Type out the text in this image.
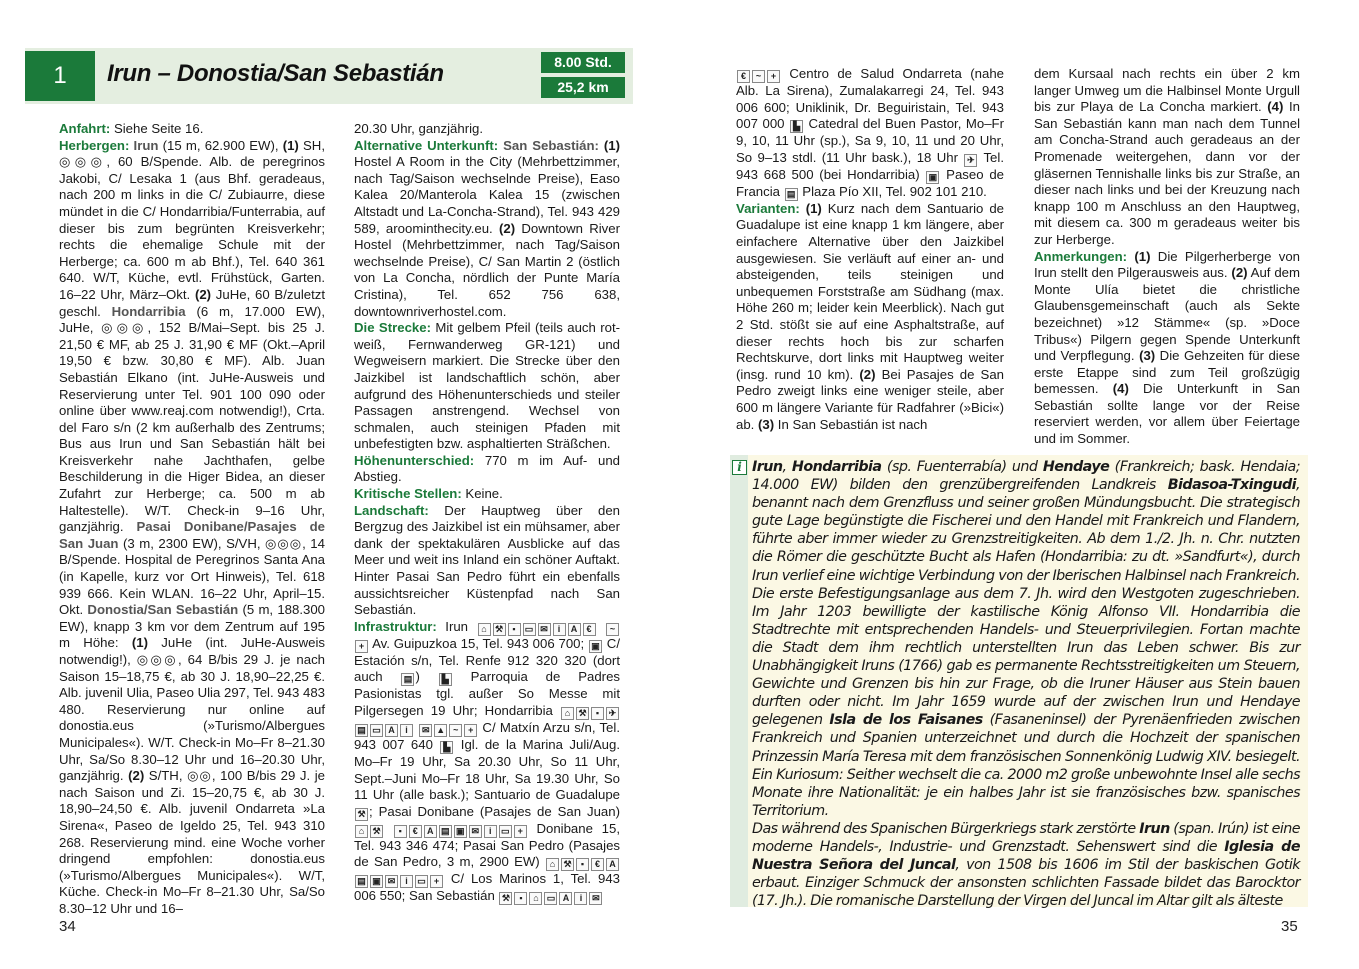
1	Irun – Donostia/San Sebastián	8.00 Std.
25,2 km

Anfahrt: Siehe Seite 16.

Herbergen: Irun (15 m, 62.900 EW), (1) SH, ◎◎◎, 60 B/Spende. Alb. de peregrinos Jakobi, C/ Lesaka 1 (aus Bhf. geradeaus, nach 200 m links in die C/ Zubiaurre, diese mündet in die C/ Hondarribia/Funterrabia, auf dieser bis zum begrünten Kreisverkehr; rechts die ehemalige Schule mit der Herberge; ca. 600 m ab Bhf.), Tel. 640 361 640. W/T, Küche, evtl. Frühstück, Garten. 16–22 Uhr, März–Okt. (2) JuHe, 60 B/zuletzt geschl. Hondarribia (6 m, 17.000 EW), JuHe, ◎◎◎, 152 B/Mai–Sept. bis 25 J. 21,50 € MF, ab 25 J. 31,90 € MF (Okt.–April 19,50 € bzw. 30,80 € MF). Alb. Juan Sebastián Elkano (int. JuHe-Ausweis und Reservierung unter Tel. 901 100 090 oder online über www.reaj.com notwendig!), Crta. del Faro s/n (2 km außerhalb des Zentrums; Bus aus Irun und San Sebastián hält bei Kreisverkehr nahe Jachthafen, gelbe Beschilderung in die Higer Bidea, an dieser Zufahrt zur Herberge; ca. 500 m ab Haltestelle). W/T. Check-in 9–16 Uhr, ganzjährig. Pasai Donibane/Pasajes de San Juan (3 m, 2300 EW), S/VH, ◎◎◎, 14 B/Spende. Hospital de Peregrinos Santa Ana (in Kapelle, kurz vor Ort Hinweis), Tel. 618 939 666. Kein WLAN. 16–22 Uhr, April–15. Okt. Donostia/San Sebastián (5 m, 188.300 EW), knapp 3 km vor dem Zentrum auf 195 m Höhe: (1) JuHe (int. JuHe-Ausweis notwendig!), ◎◎◎, 64 B/bis 29 J. je nach Saison 15–18,75 €, ab 30 J. 18,90–22,25 €. Alb. juvenil Ulia, Paseo Ulia 297, Tel. 943 483 480. Reservierung nur online auf donostia.eus (»Turismo/Albergues Municipales«). W/T. Check-in Mo–Fr 8–21.30 Uhr, Sa/So 8.30–12 Uhr und 16–20.30 Uhr, ganzjährig. (2) S/TH, ◎◎, 100 B/bis 29 J. je nach Saison und Zi. 15–20,75 €, ab 30 J. 18,90–24,50 €. Alb. juvenil Ondarreta »La Sirena«, Paseo de Igeldo 25, Tel. 943 310 268. Reservierung mind. eine Woche vorher dringend empfohlen: donostia.eus (»Turismo/Albergues Municipales«). W/T, Küche. Check-in Mo–Fr 8–21.30 Uhr, Sa/So 8.30–12 Uhr und 16–

20.30 Uhr, ganzjährig.

Alternative Unterkunft: San Sebastián: (1) Hostel A Room in the City (Mehrbettzimmer, nach Tag/Saison wechselnde Preise), Easo Kalea 20/Manterola Kalea 15 (zwischen Altstadt und La-Concha-Strand), Tel. 943 429 589, aroominthecity.eu. (2) Downtown River Hostel (Mehrbettzimmer, nach Tag/Saison wechselnde Preise), C/ San Martin 2 (östlich von La Concha, nördlich der Punte María Cristina), Tel. 652 756 638, downtownriverhostel.com.

Die Strecke: Mit gelbem Pfeil (teils auch rot-weiß, Fernwanderweg GR-121) und Wegweisern markiert. Die Strecke über den Jaizkibel ist landschaftlich schön, aber aufgrund des Höhenunterschieds und steiler Passagen anstrengend. Wechsel von schmalen, auch steinigen Pfaden mit unbefestigten bzw. asphaltierten Sträßchen.

Höhenunterschied: 770 m im Auf- und Abstieg.

Kritische Stellen: Keine.

Landschaft: Der Hauptweg über den Bergzug des Jaizkibel ist ein mühsamer, aber dank der spektakulären Ausblicke auf das Meer und weit ins Inland ein schöner Auftakt. Hinter Pasai San Pedro führt ein ebenfalls aussichtsreicher Küstenpfad nach San Sebastián.

Infrastruktur: Irun ⌂ ⚒ ▪ ▭ ✉ i A € ~+ Av. Guipuzkoa 15, Tel. 943 006 700; ▣ C/ Estación s/n, Tel. Renfe 912 320 320 (dort auch ▤ ) ▙ Parroquia de Padres Pasionistas tgl. außer So Messe mit Pilgersegen 19 Uhr; Hondarribia ⌂ ⚒ ▪ ✈▤ ▭ A i ✉ ▲ ~ + C/ Matxín Arzu s/n, Tel. 943 007 640 ▙ Igl. de la Marina Juli/Aug. Mo–Fr 19 Uhr, Sa 20.30 Uhr, So 11 Uhr, Sept.–Juni Mo–Fr 18 Uhr, Sa 19.30 Uhr, So 11 Uhr (alle bask.); Santuario de Guadalupe ⚒ ; Pasai Donibane (Pasajes de San Juan) ⌂ ⚒ ▪ € A ▤ ▣ ✉ i ▭ + Donibane 15, Tel. 943 346 474; Pasai San Pedro (Pasajes de San Pedro, 3 m, 2900 EW) ⌂ ⚒ ▪ € A ▤ ▣ ✉ i ▭ + C/ Los Marinos 1, Tel. 943 006 550; San Sebastián ⚒ ▪ ⌂ ▭ A i ✉

34

€ ~ + Centro de Salud Ondarreta (nahe Alb. La Sirena), Zumalakarregi 24, Tel. 943 006 600; Uniklinik, Dr. Beguiristain, Tel. 943 007 000 ▙ Catedral del Buen Pastor, Mo–Fr 9, 10, 11 Uhr (sp.), Sa 9, 10, 11 und 20 Uhr, So 9–13 stdl. (11 Uhr bask.), 18 Uhr ✈ Tel. 943 668 500 (bei Hondarribia) ▣ Paseo de Francia ▤ Plaza Pío XII, Tel. 902 101 210.

Varianten: (1) Kurz nach dem Santuario de Guadalupe ist eine knapp 1 km längere, aber einfachere Alternative über den Jaizkibel ausgewiesen. Sie verläuft auf einer an- und absteigenden, teils steinigen und unbequemen Forststraße am Südhang (max. Höhe 260 m; leider kein Meerblick). Nach gut 2 Std. stößt sie auf eine Asphaltstraße, auf dieser rechts hoch bis zur scharfen Rechtskurve, dort links mit Hauptweg weiter (insg. rund 10 km). (2) Bei Pasajes de San Pedro zweigt links eine weniger steile, aber 600 m längere Variante für Radfahrer (»Bici«) ab. (3) In San Sebastián ist nach

dem Kursaal nach rechts ein über 2 km langer Umweg um die Halbinsel Monte Urgull bis zur Playa de La Concha markiert. (4) In San Sebastián kann man nach dem Tunnel am Concha-Strand auch geradeaus an der Promenade weitergehen, dann vor der gläsernen Tennishalle links bis zur Straße, an dieser nach links und bei der Kreuzung nach knapp 100 m Anschluss an den Hauptweg, mit diesem ca. 300 m geradeaus weiter bis zur Herberge.

Anmerkungen: (1) Die Pilgerherberge von Irun stellt den Pilgerausweis aus. (2) Auf dem Monte Ulía bietet die christliche Glaubensgemeinschaft (auch als Sekte bezeichnet) »12 Stämme« (sp. »Doce Tribus«) Pilgern gegen Spende Unterkunft und Verpflegung. (3) Die Gehzeiten für diese erste Etappe sind zum Teil großzügig bemessen. (4) Die Unterkunft in San Sebastián sollte lange vor der Reise reserviert werden, vor allem über Feiertage und im Sommer.

i Irun, Hondarribia (sp. Fuenterrabía) und Hendaye (Frankreich; bask. Hendaia; 14.000 EW) bilden den grenzübergreifenden Landkreis Bidasoa-Txingudi, benannt nach dem Grenzfluss und seiner großen Mündungsbucht. Die strategisch gute Lage begünstigte die Fischerei und den Handel mit Frankreich und Flandern, führte aber immer wieder zu Grenzstreitigkeiten. Ab dem 1./2. Jh. n. Chr. nutzten die Römer die geschützte Bucht als Hafen (Hondarribia: zu dt. »Sandfurt«), durch Irun verlief eine wichtige Verbindung von der Iberischen Halbinsel nach Frankreich. Die erste Befestigungsanlage aus dem 7. Jh. wird den Westgoten zugeschrieben. Im Jahr 1203 bewilligte der kastilische König Alfonso VII. Hondarribia die Stadtrechte mit entsprechenden Handels- und Steuerprivilegien. Fortan machte die Stadt dem ihm rechtlich unterstellten Irun das Leben schwer. Bis zur Unabhängigkeit Iruns (1766) gab es permanente Rechtsstreitigkeiten um Steuern, Gewichte und Grenzen bis hin zur Frage, ob die Iruner Häuser aus Stein bauen durften oder nicht. Im Jahr 1659 wurde auf der zwischen Irun und Hendaye gelegenen Isla de los Faisanes (Fasaneninsel) der Pyrenäenfrieden zwischen Frankreich und Spanien unterzeichnet und durch die Hochzeit der spanischen Prinzessin María Teresa mit dem französischen Sonnenkönig Ludwig XIV. besiegelt. Ein Kuriosum: Seither wechselt die ca. 2000 m2 große unbewohnte Insel alle sechs Monate ihre Nationalität: je ein halbes Jahr ist sie französisches bzw. spanisches Territorium.

Das während des Spanischen Bürgerkriegs stark zerstörte Irun (span. Irún) ist eine moderne Handels-, Industrie- und Grenzstadt. Sehenswert sind die Iglesia de Nuestra Señora del Juncal, von 1508 bis 1606 im Stil der baskischen Gotik erbaut. Einziger Schmuck der ansonsten schlichten Fassade bildet das Barocktor (17. Jh.). Die romanische Darstellung der Virgen del Juncal im Altar gilt als älteste

35
